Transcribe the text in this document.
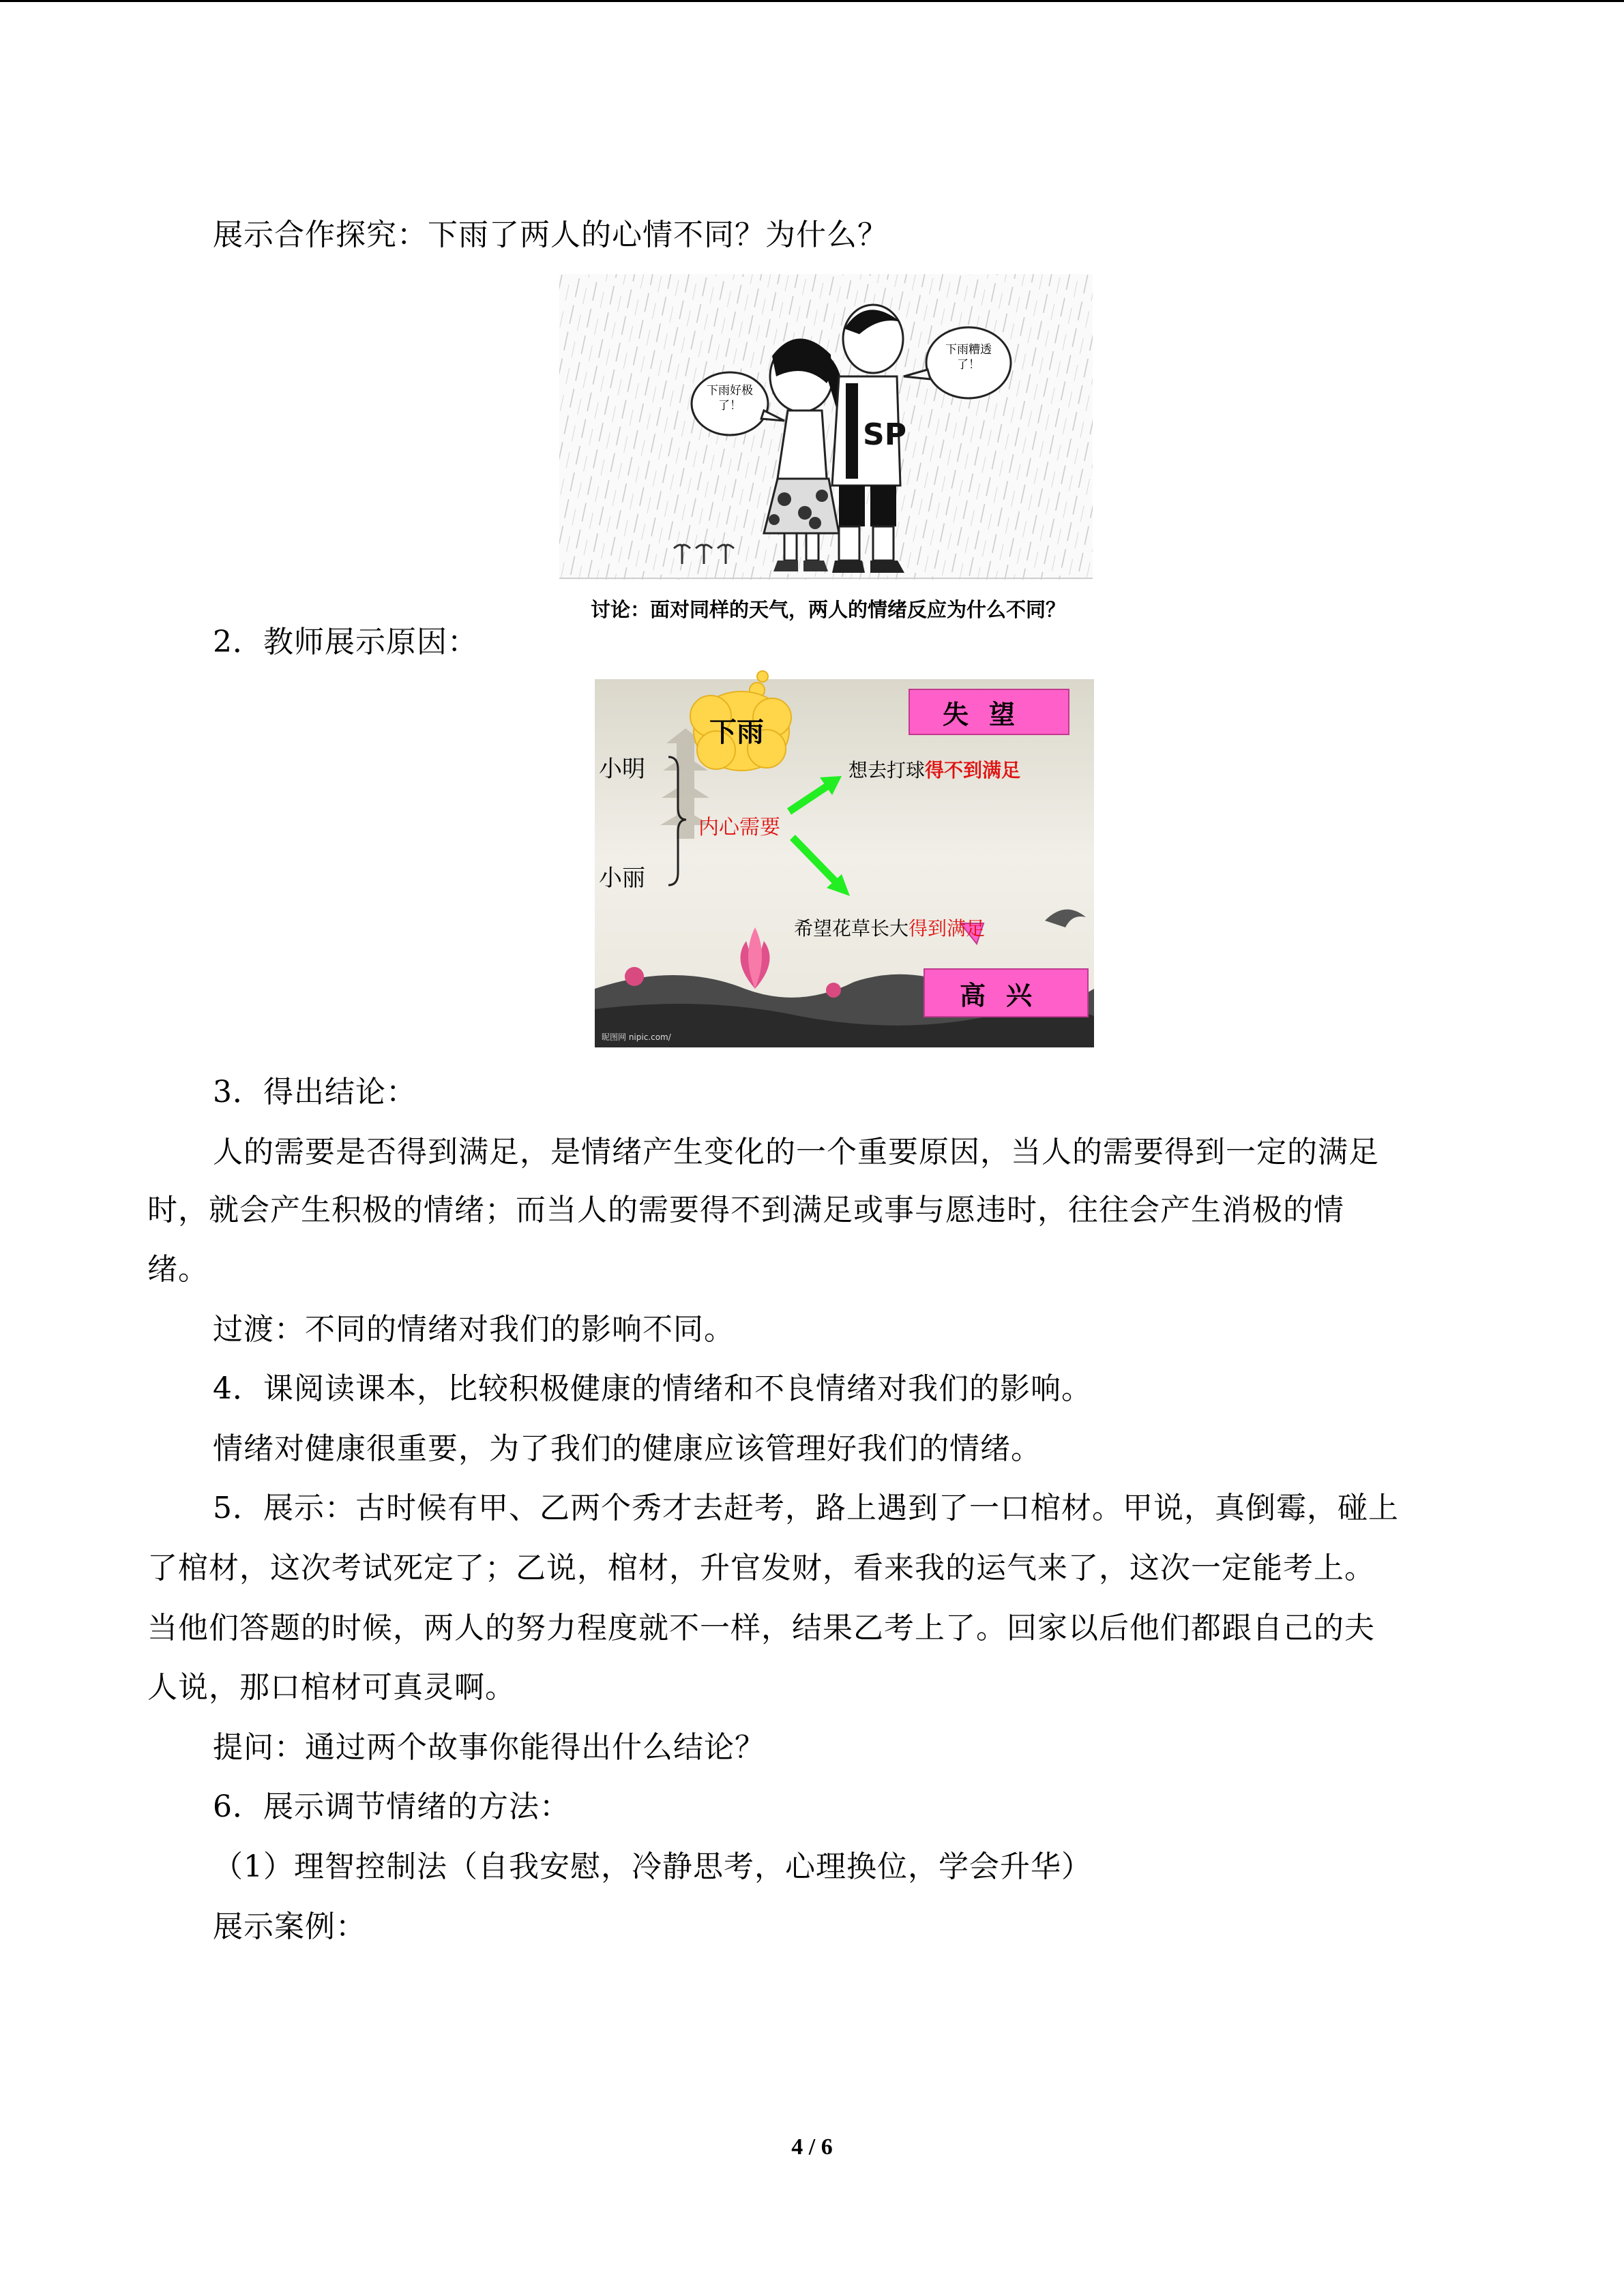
展示合作探究：下雨了两人的心情不同？为什么？
SP
下雨好极了！
下雨糟透了！
讨论：面对同样的天气，两人的情绪反应为什么不同？
2．教师展示原因：
下雨
小明
小丽
内心需要
想去打球得不到满足
希望花草长大得到满足
失望
高兴
昵图网 nipic.com/
3．得出结论：
人的需要是否得到满足，是情绪产生变化的一个重要原因，当人的需要得到一定的满足
时，就会产生积极的情绪；而当人的需要得不到满足或事与愿违时，往往会产生消极的情
绪。
过渡：不同的情绪对我们的影响不同。
4．课阅读课本，比较积极健康的情绪和不良情绪对我们的影响。
情绪对健康很重要，为了我们的健康应该管理好我们的情绪。
5．展示：古时候有甲、乙两个秀才去赶考，路上遇到了一口棺材。甲说，真倒霉，碰上
了棺材，这次考试死定了；乙说，棺材，升官发财，看来我的运气来了，这次一定能考上。
当他们答题的时候，两人的努力程度就不一样，结果乙考上了。回家以后他们都跟自己的夫
人说，那口棺材可真灵啊。
提问：通过两个故事你能得出什么结论？
6．展示调节情绪的方法：
（1）理智控制法（自我安慰，冷静思考，心理换位，学会升华）
展示案例：
4 / 6
